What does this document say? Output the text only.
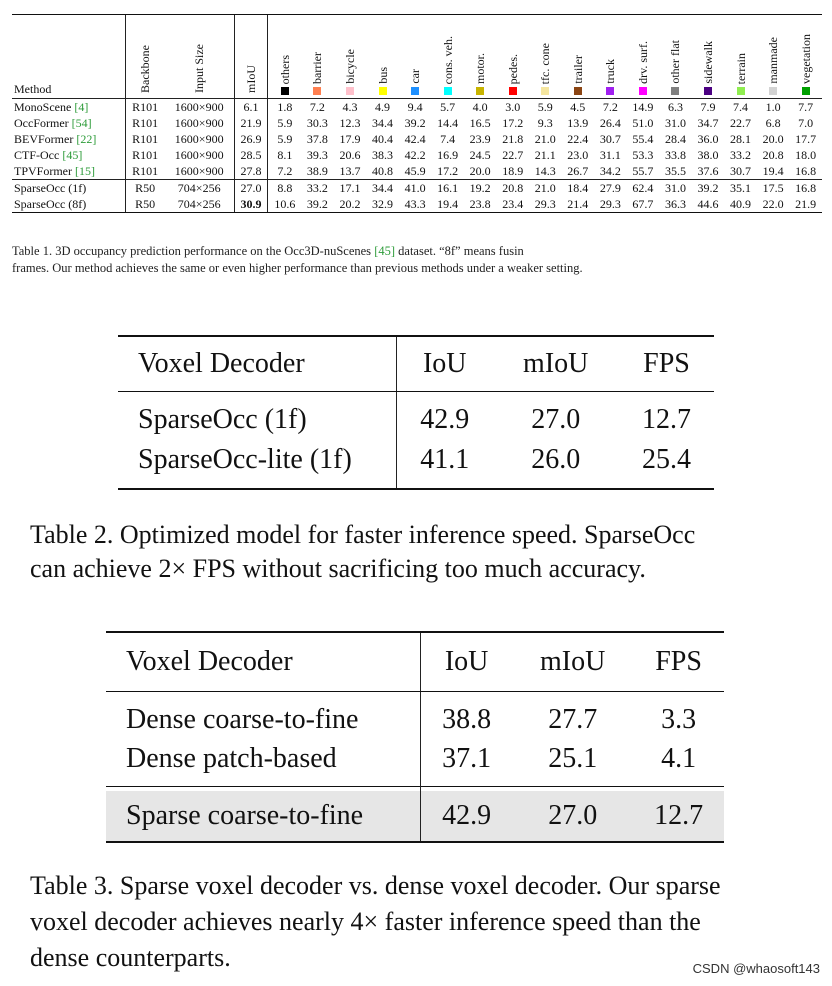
Method	Backbone	Input Size	mIoU	others	barrier	bicycle	bus	car	cons. veh.	motor.	pedes.	tfc. cone	trailer	truck	drv. surf.	other flat	sidewalk	terrain	manmade	vegetation

MonoScene [4]	R101	1600×900	6.1	1.8	7.2	4.3	4.9	9.4	5.7	4.0	3.0	5.9	4.5	7.2	14.9	6.3	7.9	7.4	1.0	7.7
OccFormer [54]	R101	1600×900	21.9	5.9	30.3	12.3	34.4	39.2	14.4	16.5	17.2	9.3	13.9	26.4	51.0	31.0	34.7	22.7	6.8	7.0
BEVFormer [22]	R101	1600×900	26.9	5.9	37.8	17.9	40.4	42.4	7.4	23.9	21.8	21.0	22.4	30.7	55.4	28.4	36.0	28.1	20.0	17.7
CTF-Occ [45]	R101	1600×900	28.5	8.1	39.3	20.6	38.3	42.2	16.9	24.5	22.7	21.1	23.0	31.1	53.3	33.8	38.0	33.2	20.8	18.0
TPVFormer [15]	R101	1600×900	27.8	7.2	38.9	13.7	40.8	45.9	17.2	20.0	18.9	14.3	26.7	34.2	55.7	35.5	37.6	30.7	19.4	16.8
SparseOcc (1f)	R50	704×256	27.0	8.8	33.2	17.1	34.4	41.0	16.1	19.2	20.8	21.0	18.4	27.9	62.4	31.0	39.2	35.1	17.5	16.8
SparseOcc (8f)	R50	704×256	30.9	10.6	39.2	20.2	32.9	43.3	19.4	23.8	23.4	29.3	21.4	29.3	67.7	36.3	44.6	40.9	22.0	21.9
Table 1. 3D occupancy prediction performance on the Occ3D-nuScenes [45] dataset. “8f” means fusin
frames. Our method achieves the same or even higher performance than previous methods under a weaker setting.
Voxel Decoder	IoU	mIoU	FPS
SparseOcc (1f)	42.9	27.0	12.7
SparseOcc-lite (1f)	41.1	26.0	25.4
Table 2. Optimized model for faster inference speed. SparseOcc
can achieve 2× FPS without sacrificing too much accuracy.
Voxel Decoder	IoU	mIoU	FPS
Dense coarse-to-fine	38.8	27.7	3.3
Dense patch-based	37.1	25.1	4.1

Sparse coarse-to-fine	42.9	27.0	12.7
Table 3. Sparse voxel decoder vs. dense voxel decoder. Our sparse
voxel decoder achieves nearly 4× faster inference speed than the
dense counterparts.	CSDN @whaosoft143
